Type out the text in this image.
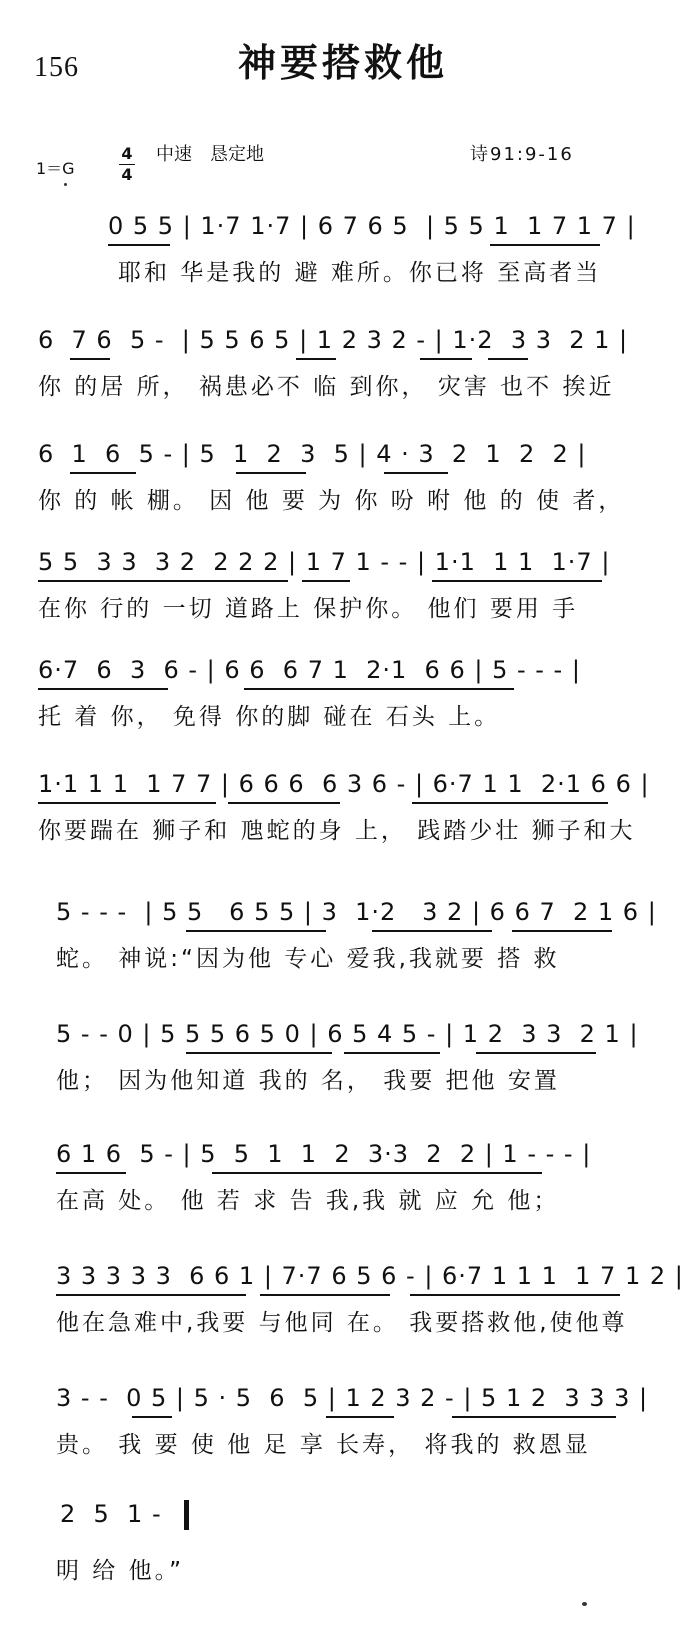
156	神要搭救他
1＝G
4
4
中速　恳定地	诗91:9-16

0 5 5 | 1·7 1·7 | 6 7 6 5  | 5 5 1  1 7 1 7 |

耶和 华是我的 避 难所。你已将 至高者当

6  7 6  5 -  | 5 5 6 5 | 1 2 3 2 - | 1·2  3 3  2 1 |

你 的居 所， 祸患必不 临 到你， 灾害 也不 挨近

6  1  6  5 - | 5  1  2  3  5 | 4 · 3  2  1  2  2 |

你 的 帐 棚。 因 他 要 为 你 吩 咐 他 的 使 者，

5 5  3 3  3 2  2 2 2 | 1 7 1 - - | 1·1  1 1  1·7 |

在你 行的 一切 道路上 保护你。 他们 要用 手

6·7  6  3  6 - | 6 6  6 7 1  2·1  6 6 | 5 - - - |

托 着 你， 免得 你的脚 碰在 石头 上。

1·1 1 1  1 7 7 | 6 6 6  6 3 6 - | 6·7 1 1  2·1 6 6 |

你要踹在 狮子和 虺蛇的身 上， 践踏少壮 狮子和大

5 - - -  | 5 5   6 5 5 | 3  1·2   3 2 | 6 6 7  2 1 6 |

蛇。 神说:“因为他 专心 爱我,我就要 搭 救

5 - - 0 | 5 5 5 6 5 0 | 6 5 4 5 - | 1 2  3 3  2 1 |

他； 因为他知道 我的 名， 我要 把他 安置

6 1 6  5 - | 5  5  1  1  2  3·3  2  2 | 1 - - - |

在高 处。 他 若 求 告 我,我 就 应 允 他；

3 3 3 3 3  6 6 1 | 7·7 6 5 6 - | 6·7 1 1 1  1 7 1 2 |

他在急难中,我要 与他同 在。 我要搭救他,使他尊

3 - -  0 5 | 5 · 5  6  5 | 1 2 3 2 - | 5 1 2  3 3 3 |

贵。 我 要 使 他 足 享 长寿， 将我的 救恩显

2  5  1 -

明 给 他。”
